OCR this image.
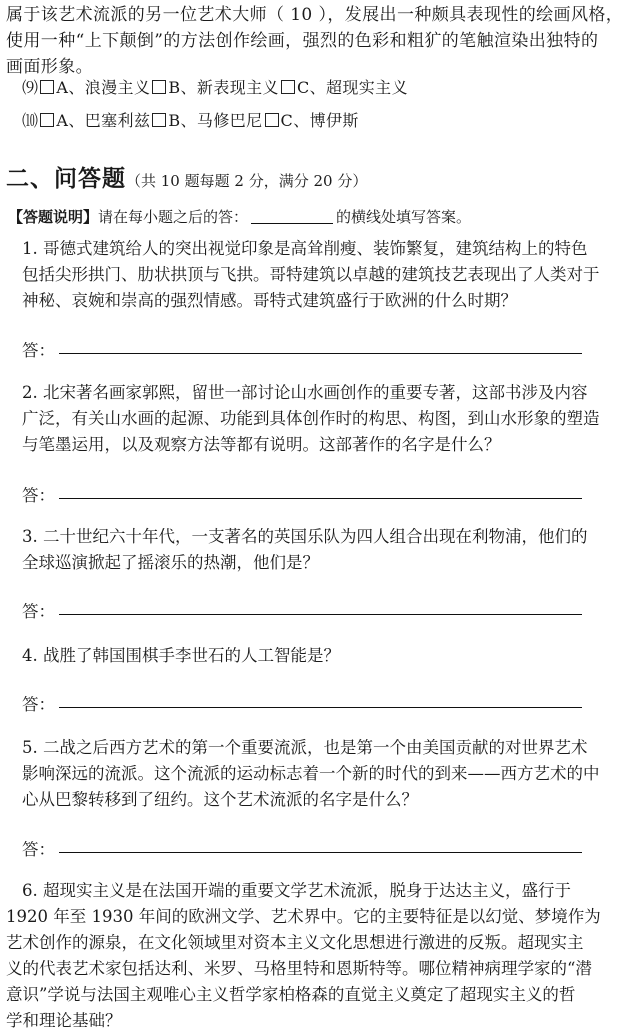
属于该艺术流派的另一位艺术大师（ 10 ），发展出一种颇具表现性的绘画风格，
使用一种“上下颠倒”的方法创作绘画，强烈的色彩和粗犷的笔触渲染出独特的
画面形象。
⑼ A、浪漫主义 B、新表现主义 C、超现实主义
⑽ A、巴塞利兹 B、马修巴尼 C、博伊斯
二、问答题（共 10 题每题 2 分，满分 20 分）
【答题说明】请在每小题之后的答：	的横线处填写答案。
1. 哥德式建筑给人的突出视觉印象是高耸削瘦、装饰繁复，建筑结构上的特色
包括尖形拱门、肋状拱顶与飞拱。哥特建筑以卓越的建筑技艺表现出了人类对于
神秘、哀婉和崇高的强烈情感。哥特式建筑盛行于欧洲的什么时期？
答：
2. 北宋著名画家郭熙，留世一部讨论山水画创作的重要专著，这部书涉及内容
广泛，有关山水画的起源、功能到具体创作时的构思、构图，到山水形象的塑造
与笔墨运用，以及观察方法等都有说明。这部著作的名字是什么？
答：
3. 二十世纪六十年代，一支著名的英国乐队为四人组合出现在利物浦，他们的
全球巡演掀起了摇滚乐的热潮，他们是？
答：
4. 战胜了韩国围棋手李世石的人工智能是？
答：
5. 二战之后西方艺术的第一个重要流派，也是第一个由美国贡献的对世界艺术
影响深远的流派。这个流派的运动标志着一个新的时代的到来——西方艺术的中
心从巴黎转移到了纽约。这个艺术流派的名字是什么？
答：
6. 超现实主义是在法国开端的重要文学艺术流派，脱身于达达主义，盛行于
1920 年至 1930 年间的欧洲文学、艺术界中。它的主要特征是以幻觉、梦境作为
艺术创作的源泉，在文化领域里对资本主义文化思想进行激进的反叛。超现实主
义的代表艺术家包括达利、米罗、马格里特和恩斯特等。哪位精神病理学家的“潜
意识”学说与法国主观唯心主义哲学家柏格森的直觉主义奠定了超现实主义的哲
学和理论基础？
